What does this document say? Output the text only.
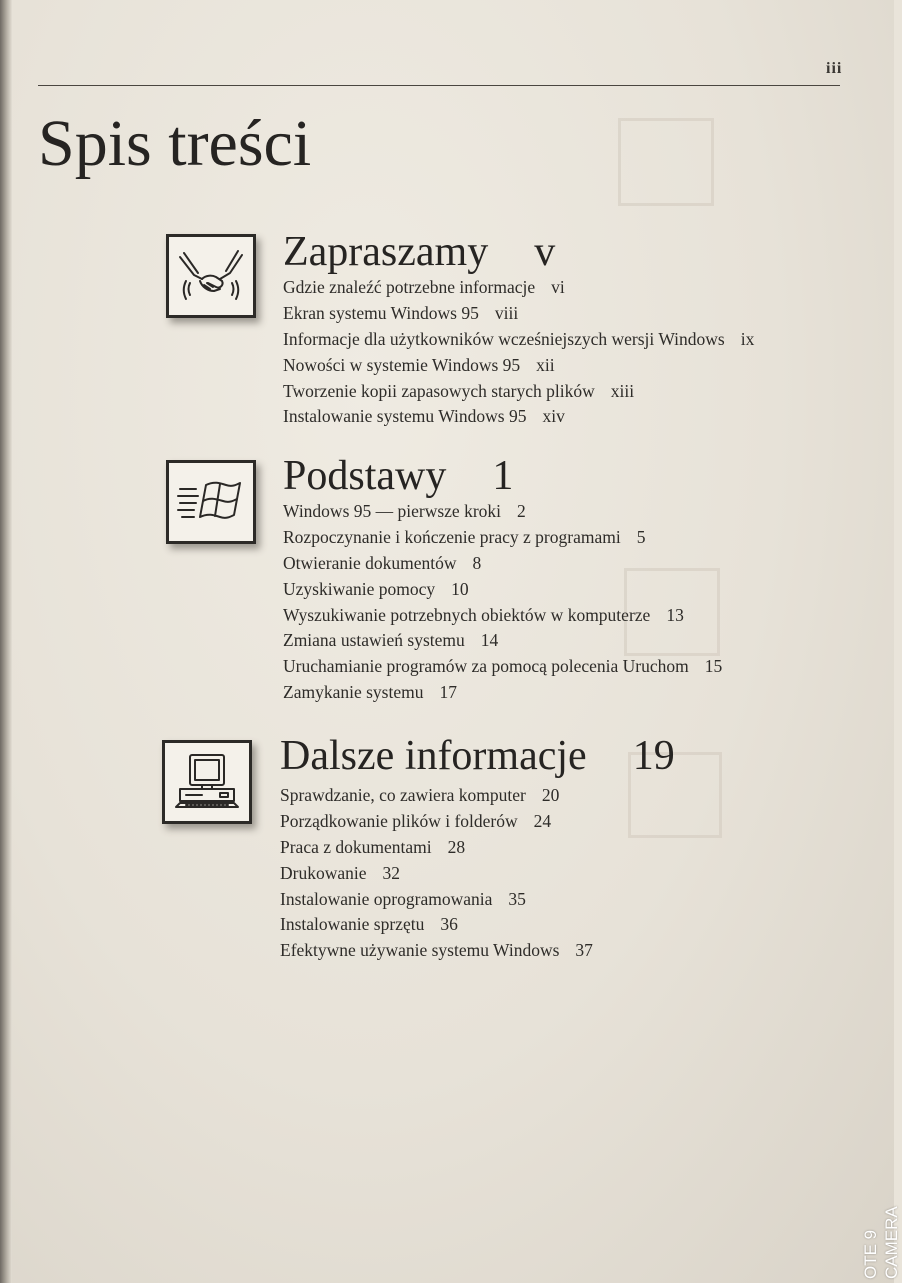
iii
Spis treści
Zapraszamy v
Gdzie znaleźć potrzebne informacje vi
Ekran systemu Windows 95 viii
Informacje dla użytkowników wcześniejszych wersji Windows ix
Nowości w systemie Windows 95 xii
Tworzenie kopii zapasowych starych plików xiii
Instalowanie systemu Windows 95 xiv
Podstawy 1
Windows 95 — pierwsze kroki 2
Rozpoczynanie i kończenie pracy z programami 5
Otwieranie dokumentów 8
Uzyskiwanie pomocy 10
Wyszukiwanie potrzebnych obiektów w komputerze 13
Zmiana ustawień systemu 14
Uruchamianie programów za pomocą polecenia Uruchom 15
Zamykanie systemu 17
Dalsze informacje 19
Sprawdzanie, co zawiera komputer 20
Porządkowanie plików i folderów 24
Praca z dokumentami 28
Drukowanie 32
Instalowanie oprogramowania 35
Instalowanie sprzętu 36
Efektywne używanie systemu Windows 37
OTE 9 CAMERA
